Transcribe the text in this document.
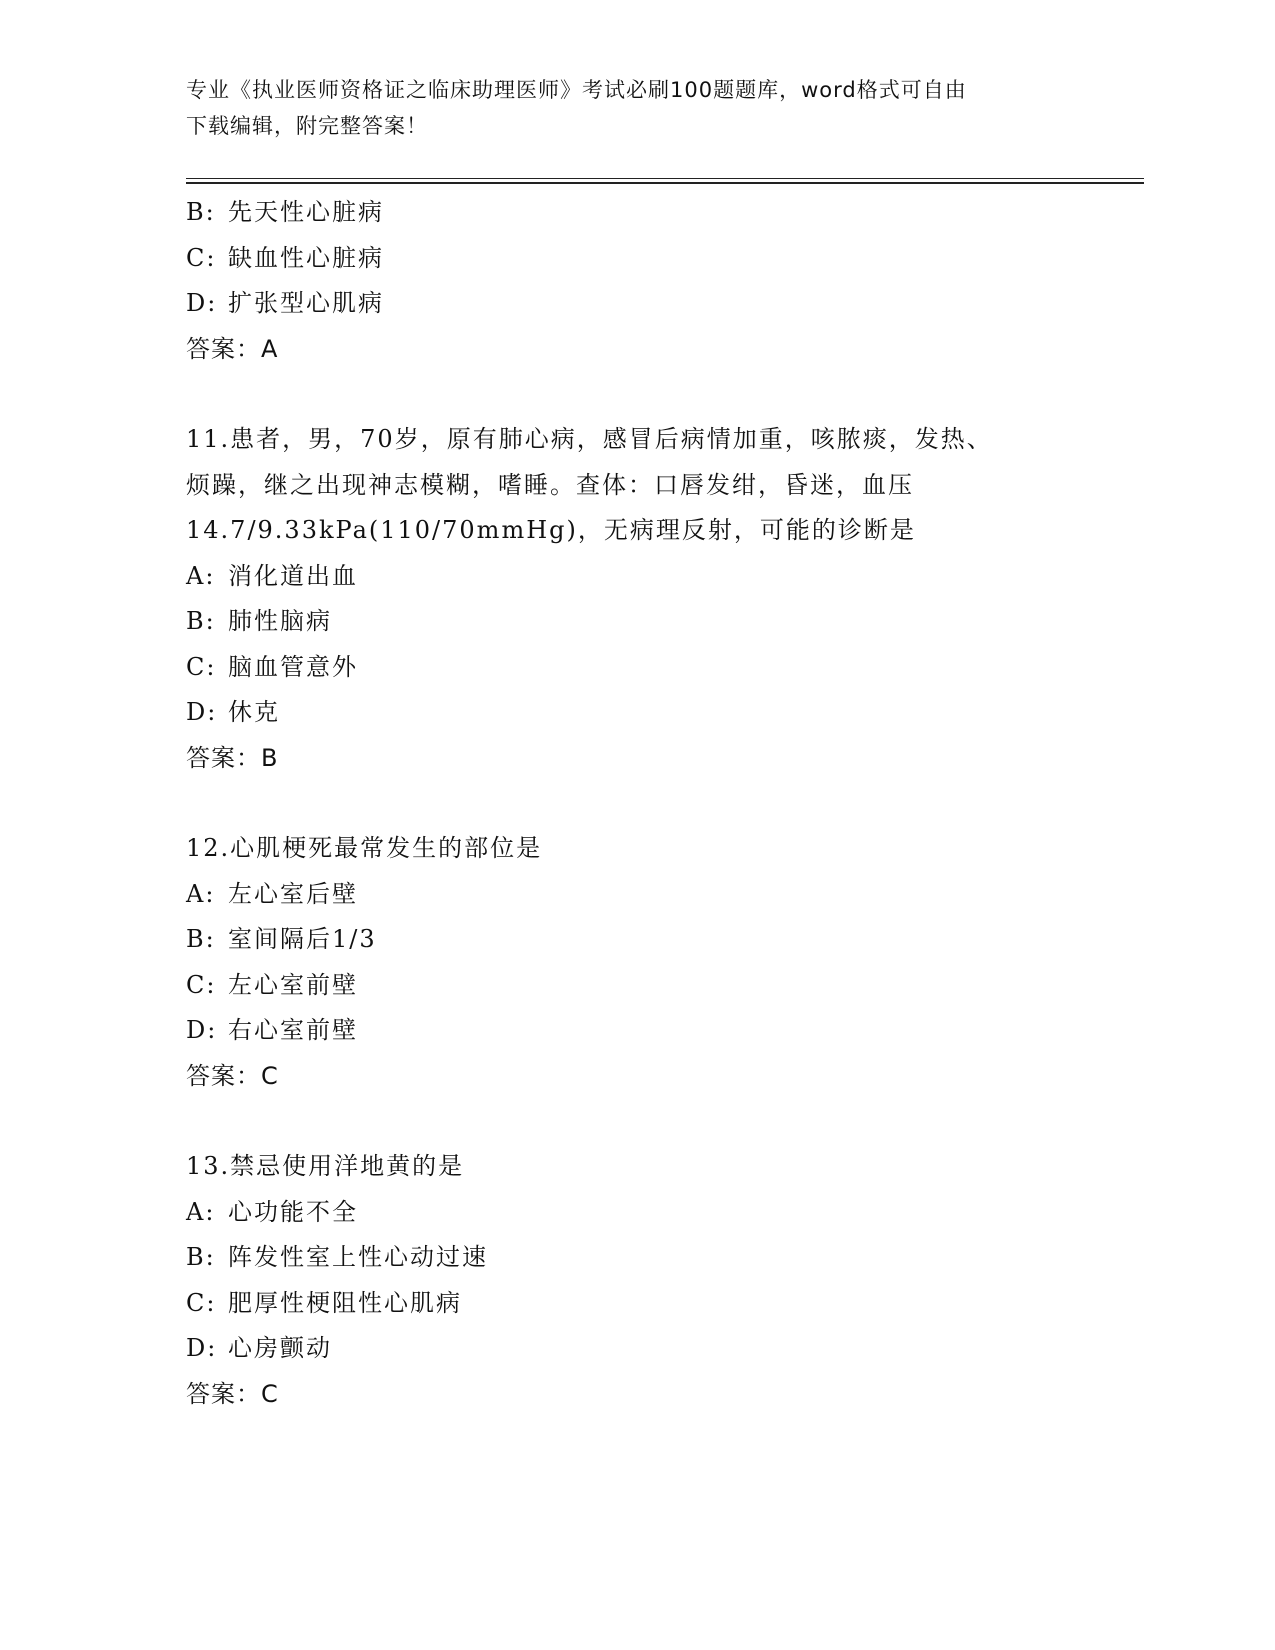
专业《执业医师资格证之临床助理医师》考试必刷100题题库，word格式可自由
下载编辑，附完整答案！
B: 先天性心脏病
C: 缺血性心脏病
D: 扩张型心肌病
答案：A
11.患者，男，70岁，原有肺心病，感冒后病情加重，咳脓痰，发热、
烦躁，继之出现神志模糊，嗜睡。查体：口唇发绀，昏迷，血压
14.7/9.33kPa(110/70mmHg)，无病理反射，可能的诊断是
A: 消化道出血
B: 肺性脑病
C: 脑血管意外
D: 休克
答案：B
12.心肌梗死最常发生的部位是
A: 左心室后壁
B: 室间隔后1/3
C: 左心室前壁
D: 右心室前壁
答案：C
13.禁忌使用洋地黄的是
A: 心功能不全
B: 阵发性室上性心动过速
C: 肥厚性梗阻性心肌病
D: 心房颤动
答案：C
